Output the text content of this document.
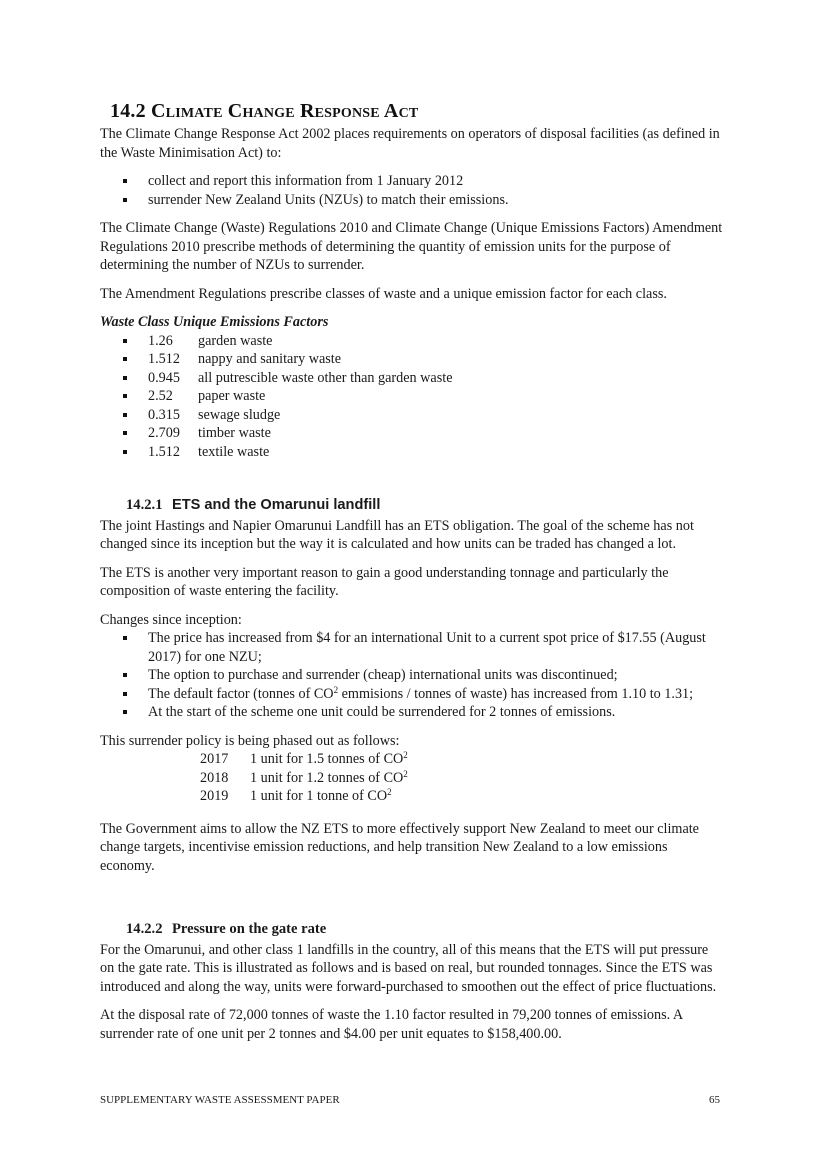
14.2 Climate Change Response Act

The Climate Change Response Act 2002 places requirements on operators of disposal facilities (as defined in the Waste Minimisation Act) to:

collect and report this information from 1 January 2012
surrender New Zealand Units (NZUs) to match their emissions.

The Climate Change (Waste) Regulations 2010 and Climate Change (Unique Emissions Factors) Amendment Regulations 2010 prescribe methods of determining the quantity of emission units for the purpose of determining the number of NZUs to surrender.

The Amendment Regulations prescribe classes of waste and a unique emission factor for each class.

Waste Class Unique Emissions Factors

1.26	garden waste
1.512	nappy and sanitary waste
0.945	all putrescible waste other than garden waste
2.52	paper waste
0.315	sewage sludge
2.709	timber waste
1.512	textile waste
14.2.1 ETS and the Omarunui landfill

The joint Hastings and Napier Omarunui Landfill has an ETS obligation. The goal of the scheme has not changed since its inception but the way it is calculated and how units can be traded has changed a lot.

The ETS is another very important reason to gain a good understanding tonnage and particularly the composition of waste entering the facility.

Changes since inception:

The price has increased from $4 for an international Unit to a current spot price of $17.55 (August 2017) for one NZU;
The option to purchase and surrender (cheap) international units was discontinued;
The default factor (tonnes of $CO^2$ emmisions / tonnes of waste) has increased from 1.10 to 1.31;
At the start of the scheme one unit could be surrendered for 2 tonnes of emissions.

This surrender policy is being phased out as follows:

2017	1 unit for 1.5 tonnes of $CO^2$
2018	1 unit for 1.2 tonnes of $CO^2$
2019	1 unit for 1 tonne of $CO^2$

The Government aims to allow the NZ ETS to more effectively support New Zealand to meet our climate change targets, incentivise emission reductions, and help transition New Zealand to a low emissions economy.

14.2.2 Pressure on the gate rate

For the Omarunui, and other class 1 landfills in the country, all of this means that the ETS will put pressure on the gate rate. This is illustrated as follows and is based on real, but rounded tonnages. Since the ETS was introduced and along the way, units were forward-purchased to smoothen out the effect of price fluctuations.

At the disposal rate of 72,000 tonnes of waste the 1.10 factor resulted in 79,200 tonnes of emissions. A surrender rate of one unit per 2 tonnes and $4.00 per unit equates to $158,400.00.

SUPPLEMENTARY WASTE ASSESSMENT PAPER	65
